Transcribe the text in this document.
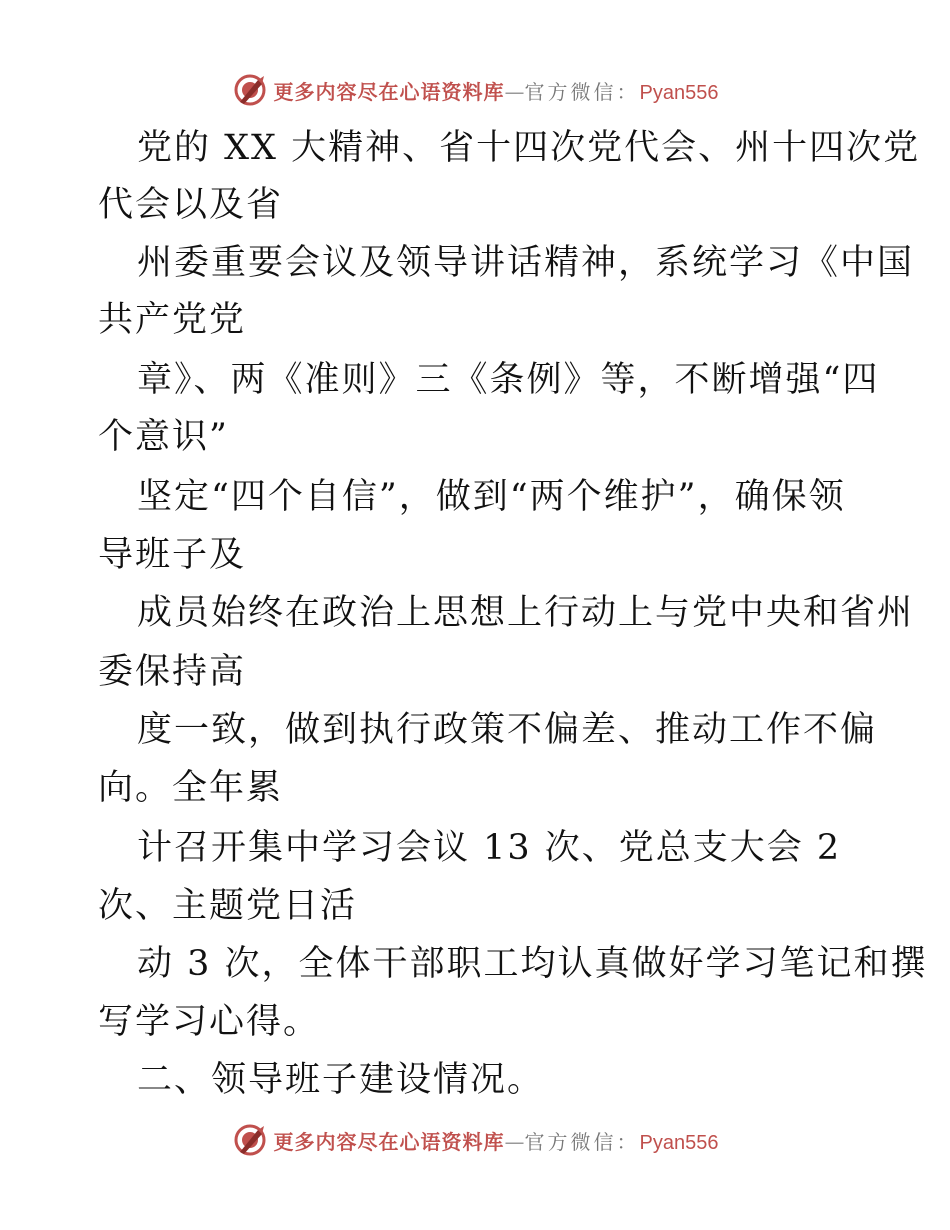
更多内容尽在心语资料库 — 官方微信： Pyan556
党的 XX 大精神、省十四次党代会、州十四次党
代会以及省
州委重要会议及领导讲话精神，系统学习《中国
共产党党
章》、两《准则》三《条例》等，不断增强“四
个意识”
坚定“四个自信”，做到“两个维护”，确保领
导班子及
成员始终在政治上思想上行动上与党中央和省州
委保持高
度一致，做到执行政策不偏差、推动工作不偏
向。全年累
计召开集中学习会议 13 次、党总支大会 2
次、主题党日活
动 3 次，全体干部职工均认真做好学习笔记和撰
写学习心得。
二、领导班子建设情况。
更多内容尽在心语资料库 — 官方微信： Pyan556
